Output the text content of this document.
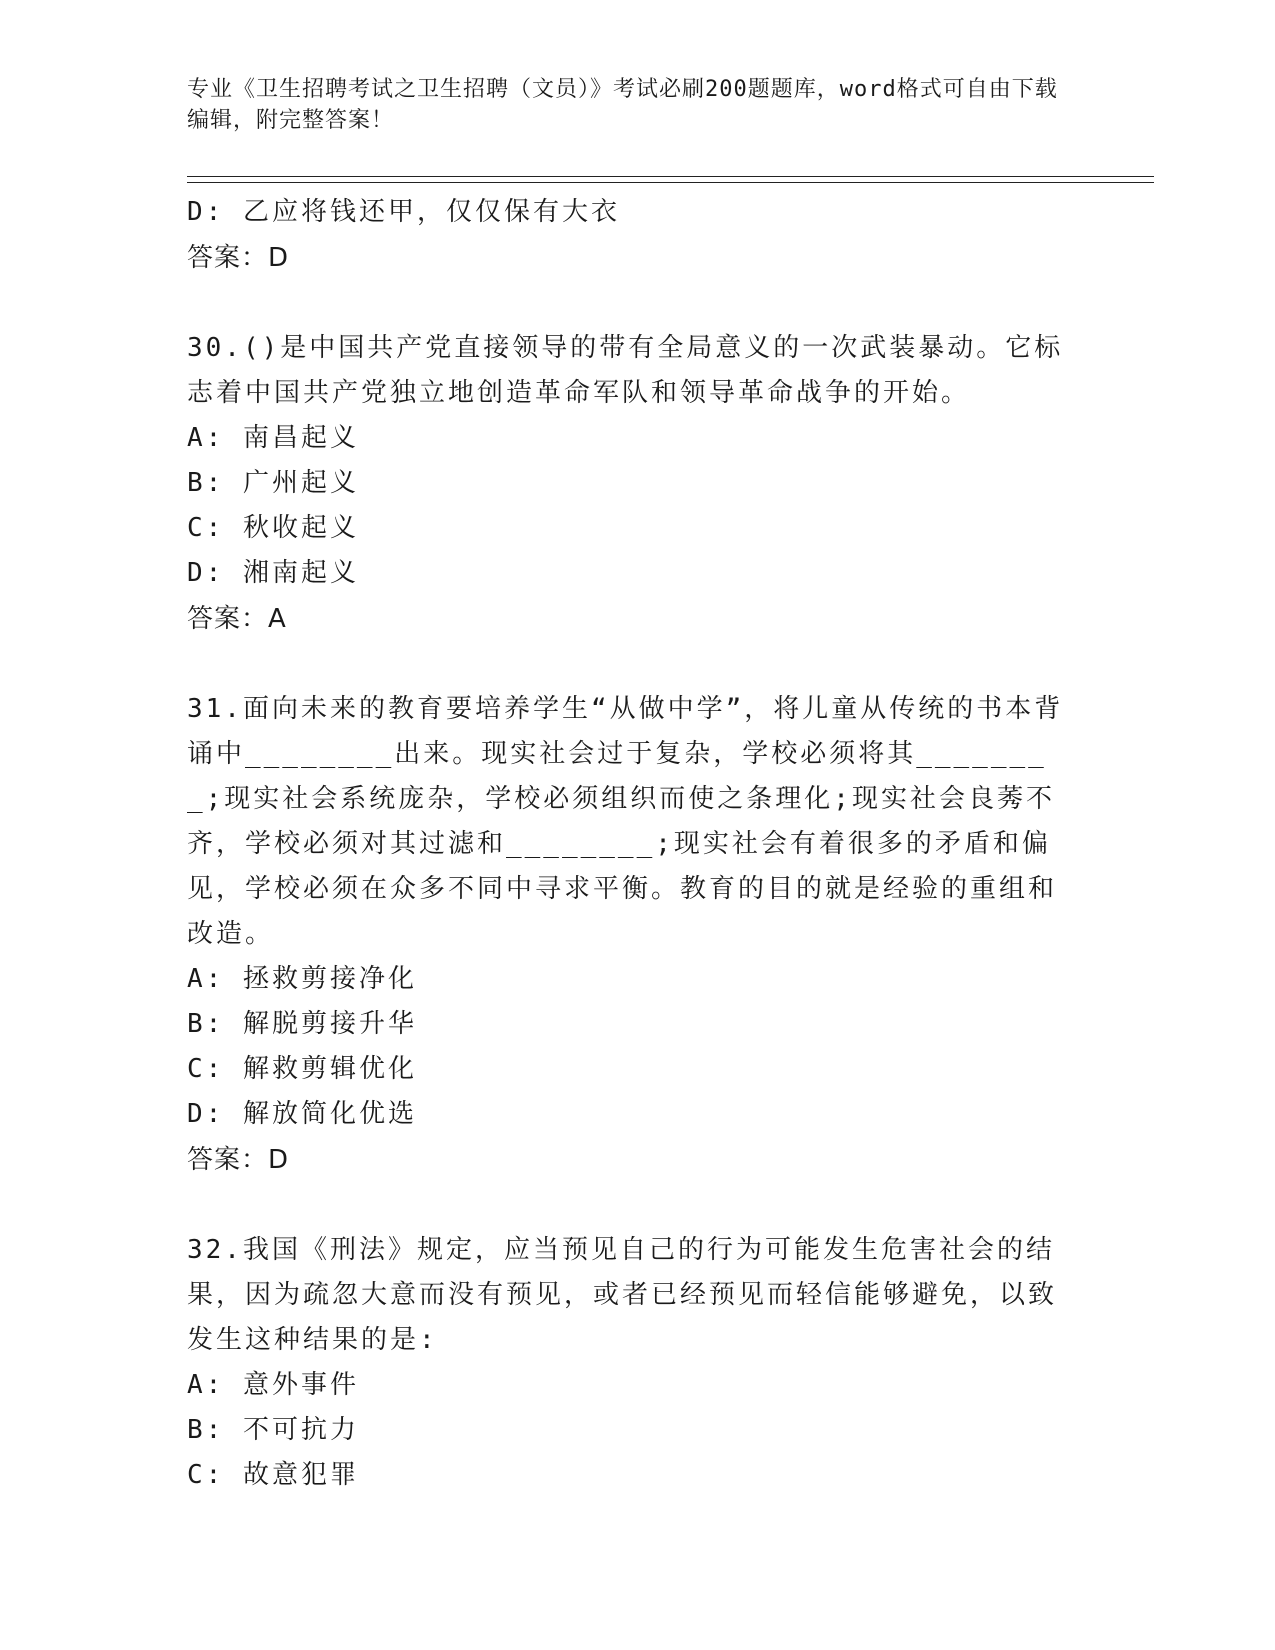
专业《卫生招聘考试之卫生招聘（文员）》考试必刷200题题库，word格式可自由下载编辑，附完整答案！
D: 乙应将钱还甲，仅仅保有大衣
答案：D
30.()是中国共产党直接领导的带有全局意义的一次武装暴动。它标志着中国共产党独立地创造革命军队和领导革命战争的开始。
A: 南昌起义
B: 广州起义
C: 秋收起义
D: 湘南起义
答案：A
31.面向未来的教育要培养学生“从做中学”，将儿童从传统的书本背诵中________出来。现实社会过于复杂，学校必须将其________;现实社会系统庞杂，学校必须组织而使之条理化;现实社会良莠不齐，学校必须对其过滤和________;现实社会有着很多的矛盾和偏见，学校必须在众多不同中寻求平衡。教育的目的就是经验的重组和改造。
A: 拯救剪接净化
B: 解脱剪接升华
C: 解救剪辑优化
D: 解放简化优选
答案：D
32.我国《刑法》规定，应当预见自己的行为可能发生危害社会的结果，因为疏忽大意而没有预见，或者已经预见而轻信能够避免，以致发生这种结果的是:
A: 意外事件
B: 不可抗力
C: 故意犯罪
